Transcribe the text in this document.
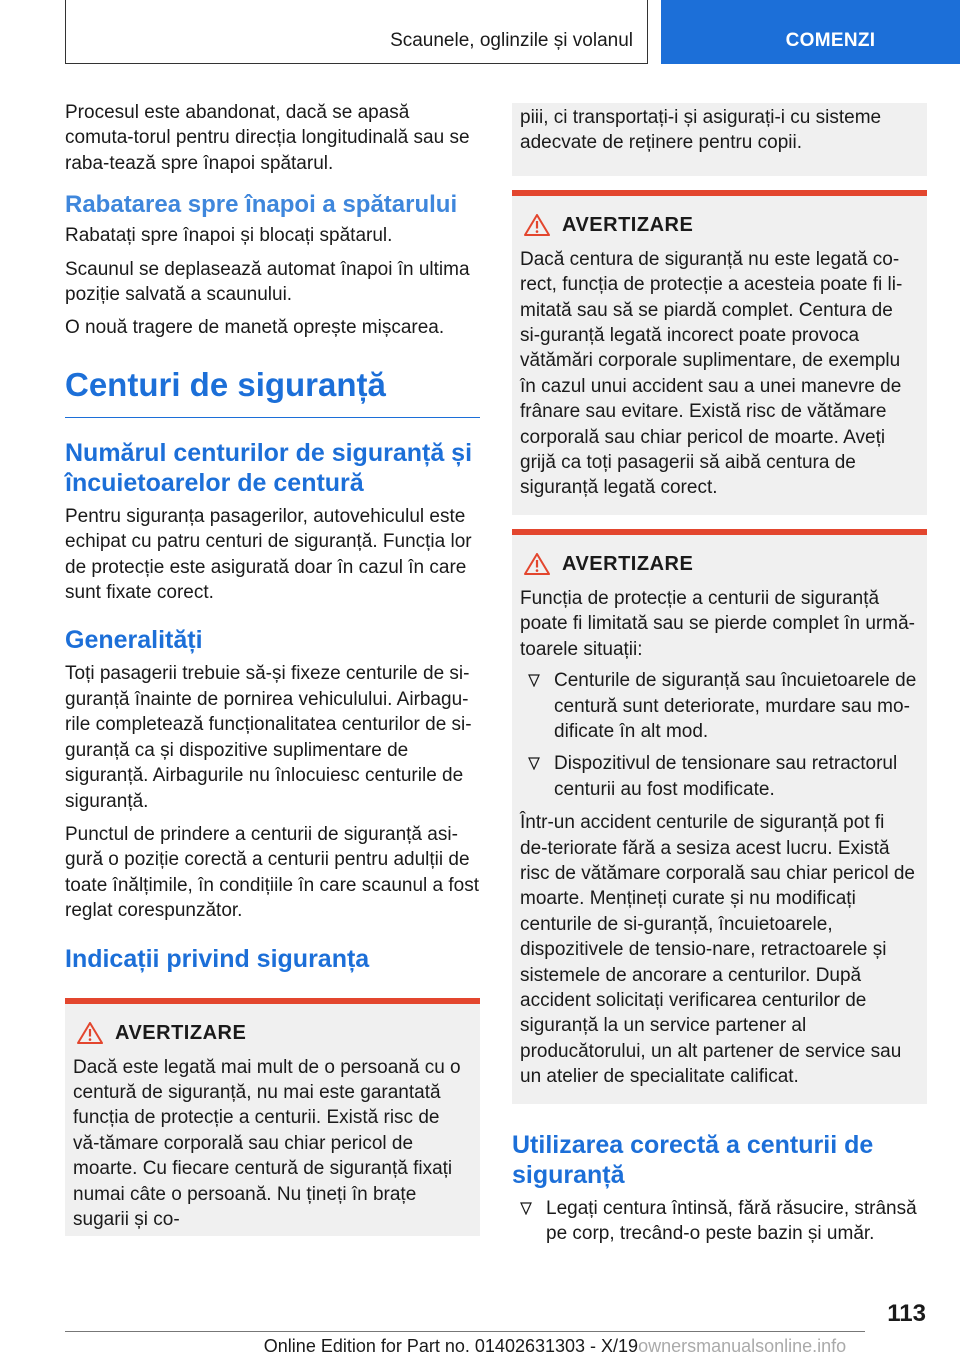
Scaunele, oglinzile și volanul	COMENZI

Procesul este abandonat, dacă se apasă comuta-torul pentru direcția longitudinală sau se raba-tează spre înapoi spătarul.

Rabatarea spre înapoi a spătarului

Rabatați spre înapoi și blocați spătarul.

Scaunul se deplasează automat înapoi în ultima poziție salvată a scaunului.

O nouă tragere de manetă oprește mișcarea.

Centuri de siguranță
Numărul centurilor de siguranță și încuietoarelor de centură

Pentru siguranța pasagerilor, autovehiculul este echipat cu patru centuri de siguranță. Funcția lor de protecție este asigurată doar în cazul în care sunt fixate corect.

Generalități

Toți pasagerii trebuie să-și fixeze centurile de si-guranță înainte de pornirea vehiculului. Airbagu-rile completează funcționalitatea centurilor de si-guranță ca și dispozitive suplimentare de siguranță. Airbagurile nu înlocuiesc centurile de siguranță.

Punctul de prindere a centurii de siguranță asi-gură o poziție corectă a centurii pentru adulții de toate înălțimile, în condițiile în care scaunul a fost reglat corespunzător.

Indicații privind siguranța
AVERTIZARE

Dacă este legată mai mult de o persoană cu o centură de siguranță, nu mai este garantată funcția de protecție a centurii. Există risc de vă-tămare corporală sau chiar pericol de moarte. Cu fiecare centură de siguranță fixați numai câte o persoană. Nu țineți în brațe sugarii și co-

piii, ci transportați-i și asigurați-i cu sisteme adecvate de reținere pentru copii.

AVERTIZARE

Dacă centura de siguranță nu este legată co-rect, funcția de protecție a acesteia poate fi li-mitată sau să se piardă complet. Centura de si-guranță legată incorect poate provoca vătămări corporale suplimentare, de exemplu în cazul unui accident sau a unei manevre de frânare sau evitare. Există risc de vătămare corporală sau chiar pericol de moarte. Aveți grijă ca toți pasagerii să aibă centura de siguranță legată corect.

AVERTIZARE

Funcția de protecție a centurii de siguranță poate fi limitată sau se pierde complet în urmă-toarele situații:

Centurile de siguranță sau încuietoarele de centură sunt deteriorate, murdare sau mo-dificate în alt mod.
Dispozitivul de tensionare sau retractorul centurii au fost modificate.

Într-un accident centurile de siguranță pot fi de-teriorate fără a sesiza acest lucru. Există risc de vătămare corporală sau chiar pericol de moarte. Mențineți curate și nu modificați centurile de si-guranță, încuietoarele, dispozitivele de tensio-nare, retractoarele și sistemele de ancorare a centurilor. După accident solicitați verificarea centurilor de siguranță la un service partener al producătorului, un alt partener de service sau un atelier de specialitate calificat.

Utilizarea corectă a centurii de siguranță
Legați centura întinsă, fără răsucire, strânsă pe corp, trecând-o peste bazin și umăr.
113
Online Edition for Part no. 01402631303 - X/19ownersmanualsonline.info
